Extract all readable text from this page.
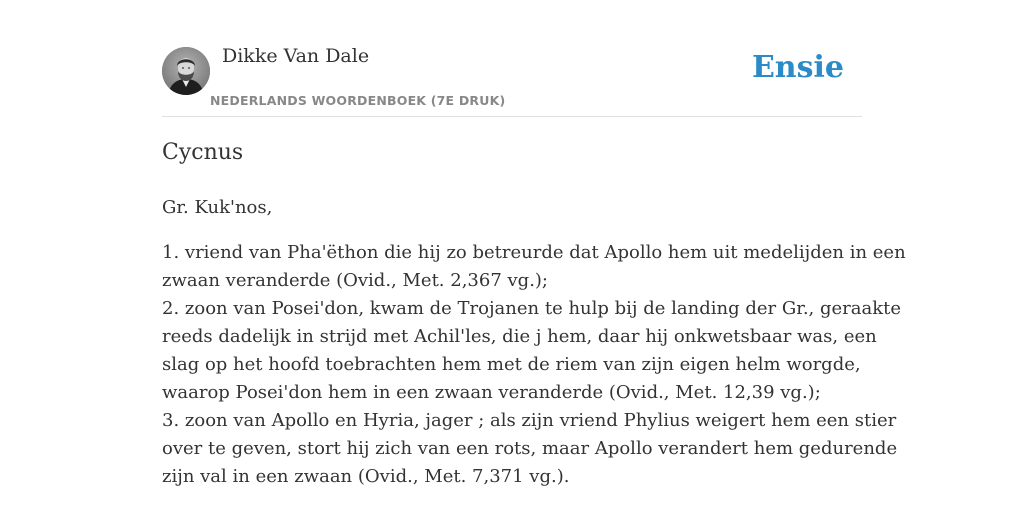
Dikke Van Dale
NEDERLANDS WOORDENBOEK (7E DRUK)
Ensie
Cycnus

Gr. Kuk'nos,

1. vriend van Pha'ëthon die hij zo betreurde dat Apollo hem uit medelijden in een
zwaan veranderde (Ovid., Met. 2,367 vg.);
2. zoon van Posei'don, kwam de Trojanen te hulp bij de landing der Gr., geraakte
reeds dadelijk in strijd met Achil'les, die j hem, daar hij onkwetsbaar was, een
slag op het hoofd toebrachten hem met de riem van zijn eigen helm worgde,
waarop Posei'don hem in een zwaan veranderde (Ovid., Met. 12,39 vg.);
3. zoon van Apollo en Hyria, jager ; als zijn vriend Phylius weigert hem een stier
over te geven, stort hij zich van een rots, maar Apollo verandert hem gedurende
zijn val in een zwaan (Ovid., Met. 7,371 vg.).
